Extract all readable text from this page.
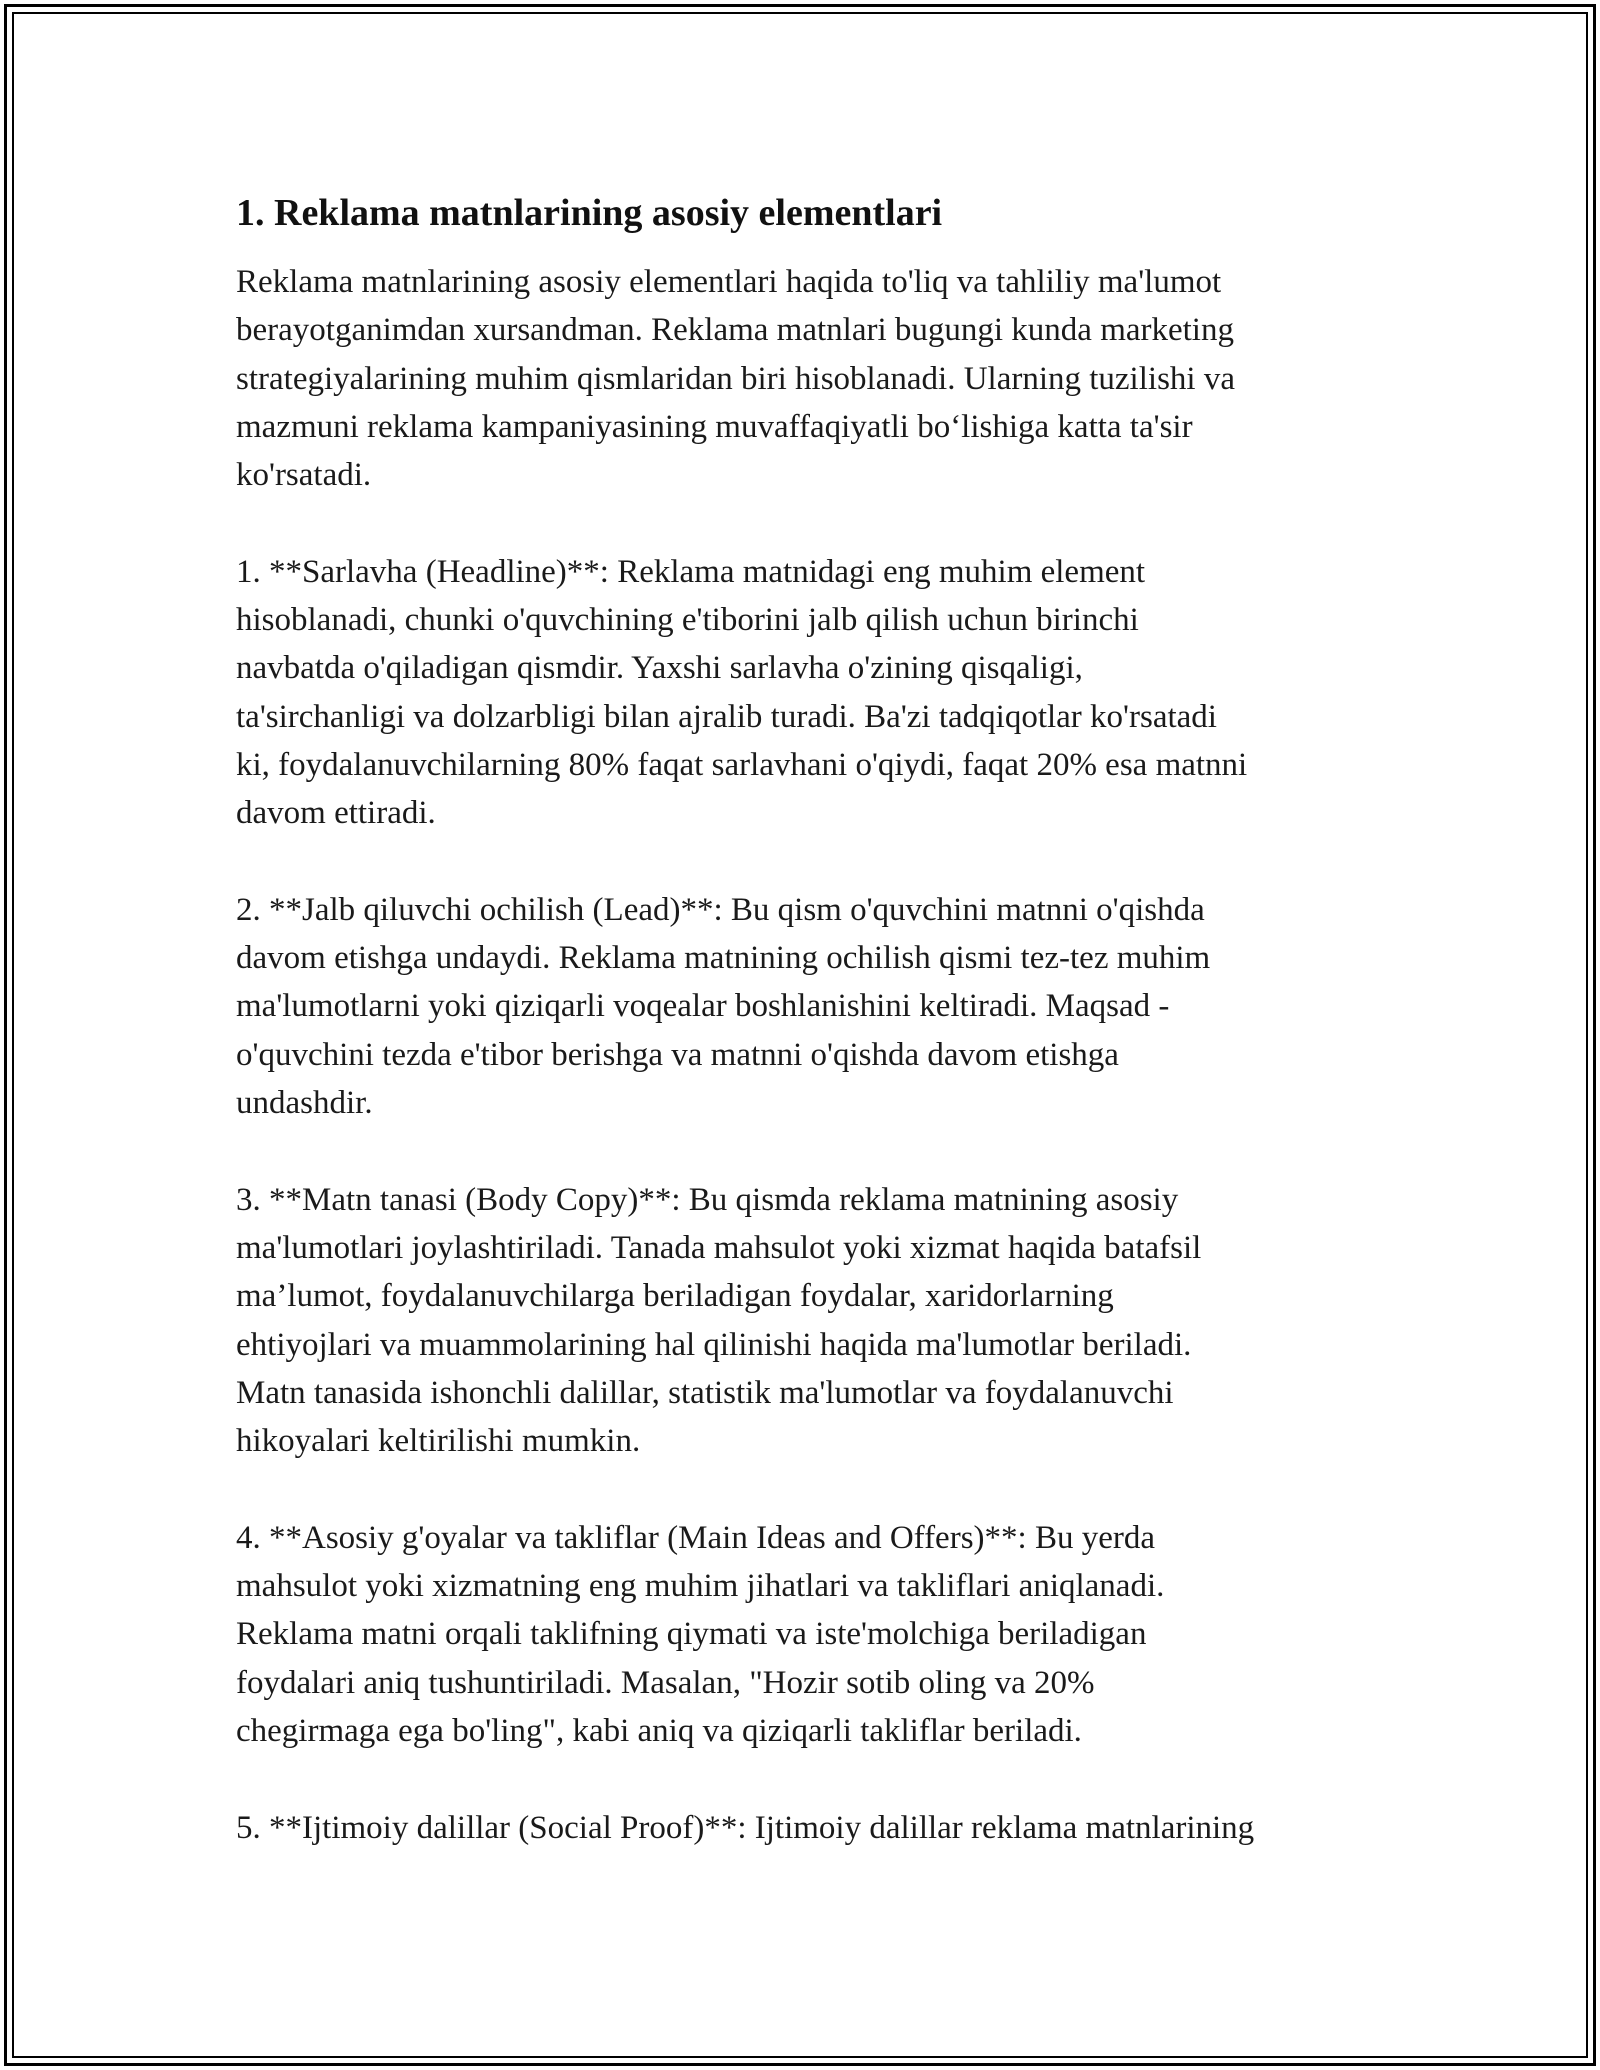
1. Reklama matnlarining asosiy elementlari

Reklama matnlarining asosiy elementlari haqida to'liq va tahliliy ma'lumot
berayotganimdan xursandman. Reklama matnlari bugungi kunda marketing
strategiyalarining muhim qismlaridan biri hisoblanadi. Ularning tuzilishi va
mazmuni reklama kampaniyasining muvaffaqiyatli bo‘lishiga katta ta'sir
ko'rsatadi.

1. **Sarlavha (Headline)**: Reklama matnidagi eng muhim element
hisoblanadi, chunki o'quvchining e'tiborini jalb qilish uchun birinchi
navbatda o'qiladigan qismdir. Yaxshi sarlavha o'zining qisqaligi,
ta'sirchanligi va dolzarbligi bilan ajralib turadi. Ba'zi tadqiqotlar ko'rsatadi
ki, foydalanuvchilarning 80% faqat sarlavhani o'qiydi, faqat 20% esa matnni
davom ettiradi.

2. **Jalb qiluvchi ochilish (Lead)**: Bu qism o'quvchini matnni o'qishda
davom etishga undaydi. Reklama matnining ochilish qismi tez-tez muhim
ma'lumotlarni yoki qiziqarli voqealar boshlanishini keltiradi. Maqsad -
o'quvchini tezda e'tibor berishga va matnni o'qishda davom etishga
undashdir.

3. **Matn tanasi (Body Copy)**: Bu qismda reklama matnining asosiy
ma'lumotlari joylashtiriladi. Tanada mahsulot yoki xizmat haqida batafsil
ma’lumot, foydalanuvchilarga beriladigan foydalar, xaridorlarning
ehtiyojlari va muammolarining hal qilinishi haqida ma'lumotlar beriladi.
Matn tanasida ishonchli dalillar, statistik ma'lumotlar va foydalanuvchi
hikoyalari keltirilishi mumkin.

4. **Asosiy g'oyalar va takliflar (Main Ideas and Offers)**: Bu yerda
mahsulot yoki xizmatning eng muhim jihatlari va takliflari aniqlanadi.
Reklama matni orqali taklifning qiymati va iste'molchiga beriladigan
foydalari aniq tushuntiriladi. Masalan, "Hozir sotib oling va 20%
chegirmaga ega bo'ling", kabi aniq va qiziqarli takliflar beriladi.

5. **Ijtimoiy dalillar (Social Proof)**: Ijtimoiy dalillar reklama matnlarining
